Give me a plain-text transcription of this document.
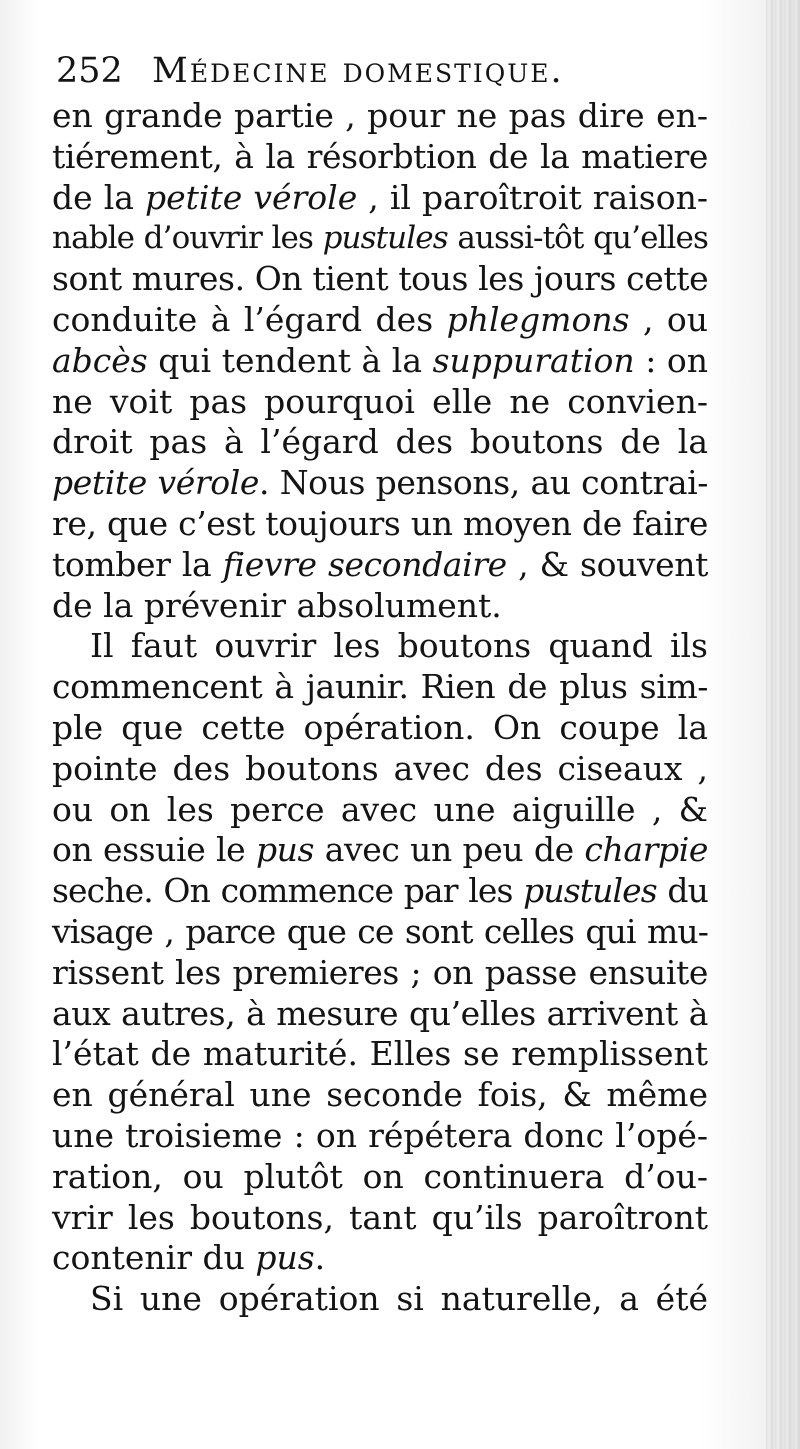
252 Médecine domestique.
en grande partie , pour ne pas dire en-
tiérement, à la résorbtion de la matiere
de la petite vérole , il paroîtroit raison-
nable d’ouvrir les pustules aussi-tôt qu’elles
sont mures. On tient tous les jours cette
conduite à l’égard des phlegmons , ou
abcès qui tendent à la suppuration : on
ne voit pas pourquoi elle ne convien-
droit pas à l’égard des boutons de la
petite vérole. Nous pensons, au contrai-
re, que c’est toujours un moyen de faire
tomber la fievre secondaire , & souvent
de la prévenir absolument.
Il faut ouvrir les boutons quand ils
commencent à jaunir. Rien de plus sim-
ple que cette opération. On coupe la
pointe des boutons avec des ciseaux ,
ou on les perce avec une aiguille , &
on essuie le pus avec un peu de charpie
seche. On commence par les pustules du
visage , parce que ce sont celles qui mu-
rissent les premieres ; on passe ensuite
aux autres, à mesure qu’elles arrivent à
l’état de maturité. Elles se remplissent
en général une seconde fois, & même
une troisieme : on répétera donc l’opé-
ration, ou plutôt on continuera d’ou-
vrir les boutons, tant qu’ils paroîtront
contenir du pus.
Si une opération si naturelle, a été
